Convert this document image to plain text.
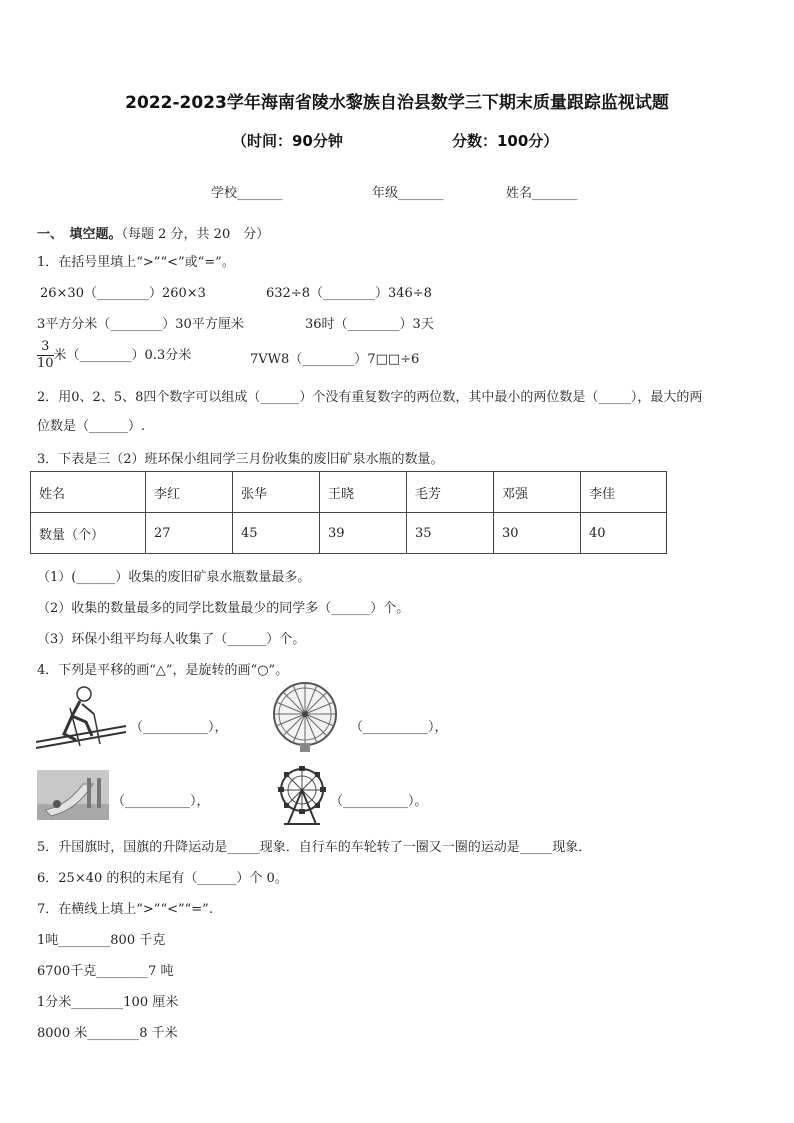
2022-2023学年海南省陵水黎族自治县数学三下期末质量跟踪监视试题
（时间：90分钟	分数：100分）
学校_______	年级_______	姓名_______
一、　填空题。（每题 2 分，共 20　分）
1．在括号里填上“>”“<”或“=”。
26×30（________）260×3	632÷8（________）346÷8
3平方分米（________）30平方厘米	36时（________）3天
$\frac{3}{10}$ 米（________）0.3分米	7VW8（________）7□□÷6
2．用0、2、5、8四个数字可以组成（______）个没有重复数字的两位数，其中最小的两位数是（_____），最大的两
位数是（______）.
3．下表是三（2）班环保小组同学三月份收集的废旧矿泉水瓶的数量。
姓名	李红	张华	王晓	毛芳	邓强	李佳
数量（个）	27	45	39	35	30	40
（1）(______）收集的废旧矿泉水瓶数量最多。
（2）收集的数量最多的同学比数量最少的同学多（______）个。
（3）环保小组平均每人收集了（______）个。
4．下列是平移的画“△”，是旋转的画“○”。
（__________），	（__________），
（__________），	（__________）。
5．升国旗时，国旗的升降运动是_____现象．自行车的车轮转了一圈又一圈的运动是_____现象．
6．25×40 的积的末尾有（______）个 0。
7．在横线上填上“>”“<”“=”.
1吨________800 千克
6700千克________7 吨
1分米________100 厘米
8000 米________8 千米
